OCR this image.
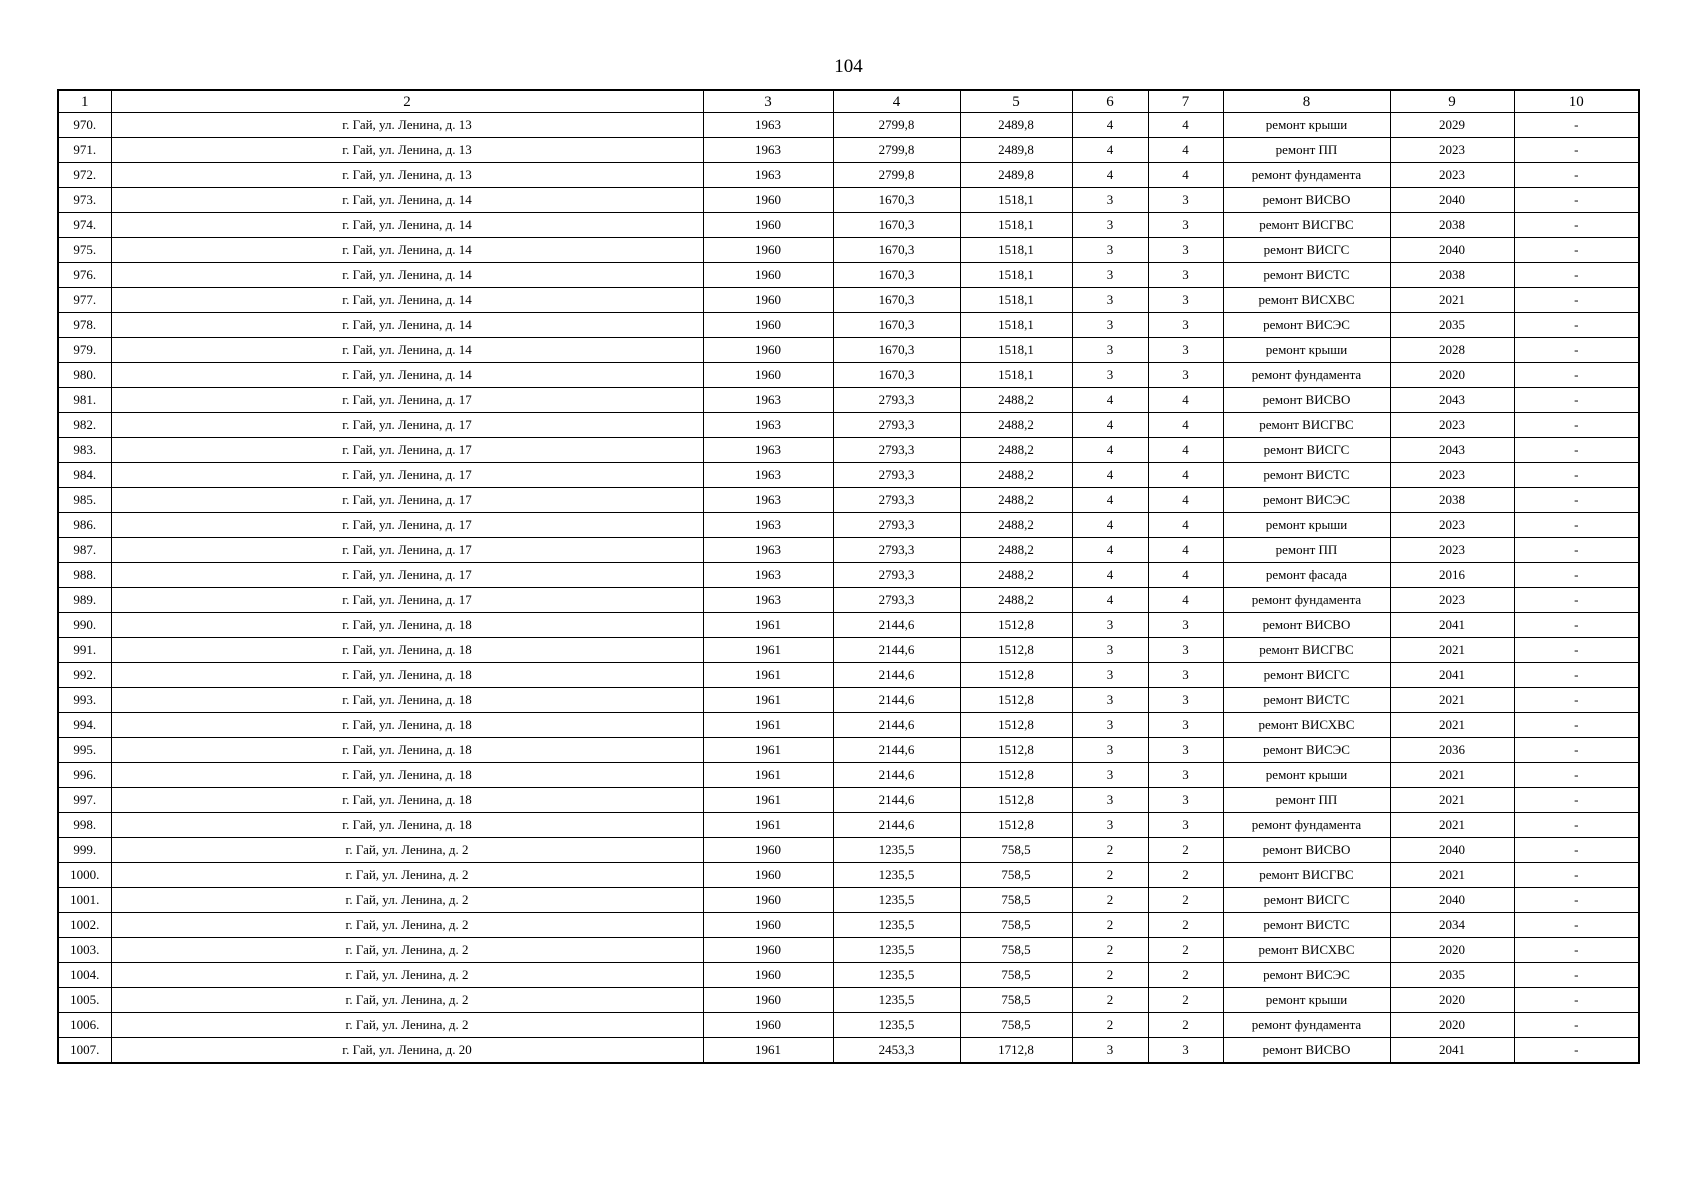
104
1	2	3	4	5	6	7	8	9	10
970.	г. Гай, ул. Ленина, д. 13	1963	2799,8	2489,8	4	4	ремонт крыши	2029	-
971.	г. Гай, ул. Ленина, д. 13	1963	2799,8	2489,8	4	4	ремонт ПП	2023	-
972.	г. Гай, ул. Ленина, д. 13	1963	2799,8	2489,8	4	4	ремонт фундамента	2023	-
973.	г. Гай, ул. Ленина, д. 14	1960	1670,3	1518,1	3	3	ремонт ВИСВО	2040	-
974.	г. Гай, ул. Ленина, д. 14	1960	1670,3	1518,1	3	3	ремонт ВИСГВС	2038	-
975.	г. Гай, ул. Ленина, д. 14	1960	1670,3	1518,1	3	3	ремонт ВИСГС	2040	-
976.	г. Гай, ул. Ленина, д. 14	1960	1670,3	1518,1	3	3	ремонт ВИСТС	2038	-
977.	г. Гай, ул. Ленина, д. 14	1960	1670,3	1518,1	3	3	ремонт ВИСХВС	2021	-
978.	г. Гай, ул. Ленина, д. 14	1960	1670,3	1518,1	3	3	ремонт ВИСЭС	2035	-
979.	г. Гай, ул. Ленина, д. 14	1960	1670,3	1518,1	3	3	ремонт крыши	2028	-
980.	г. Гай, ул. Ленина, д. 14	1960	1670,3	1518,1	3	3	ремонт фундамента	2020	-
981.	г. Гай, ул. Ленина, д. 17	1963	2793,3	2488,2	4	4	ремонт ВИСВО	2043	-
982.	г. Гай, ул. Ленина, д. 17	1963	2793,3	2488,2	4	4	ремонт ВИСГВС	2023	-
983.	г. Гай, ул. Ленина, д. 17	1963	2793,3	2488,2	4	4	ремонт ВИСГС	2043	-
984.	г. Гай, ул. Ленина, д. 17	1963	2793,3	2488,2	4	4	ремонт ВИСТС	2023	-
985.	г. Гай, ул. Ленина, д. 17	1963	2793,3	2488,2	4	4	ремонт ВИСЭС	2038	-
986.	г. Гай, ул. Ленина, д. 17	1963	2793,3	2488,2	4	4	ремонт крыши	2023	-
987.	г. Гай, ул. Ленина, д. 17	1963	2793,3	2488,2	4	4	ремонт ПП	2023	-
988.	г. Гай, ул. Ленина, д. 17	1963	2793,3	2488,2	4	4	ремонт фасада	2016	-
989.	г. Гай, ул. Ленина, д. 17	1963	2793,3	2488,2	4	4	ремонт фундамента	2023	-
990.	г. Гай, ул. Ленина, д. 18	1961	2144,6	1512,8	3	3	ремонт ВИСВО	2041	-
991.	г. Гай, ул. Ленина, д. 18	1961	2144,6	1512,8	3	3	ремонт ВИСГВС	2021	-
992.	г. Гай, ул. Ленина, д. 18	1961	2144,6	1512,8	3	3	ремонт ВИСГС	2041	-
993.	г. Гай, ул. Ленина, д. 18	1961	2144,6	1512,8	3	3	ремонт ВИСТС	2021	-
994.	г. Гай, ул. Ленина, д. 18	1961	2144,6	1512,8	3	3	ремонт ВИСХВС	2021	-
995.	г. Гай, ул. Ленина, д. 18	1961	2144,6	1512,8	3	3	ремонт ВИСЭС	2036	-
996.	г. Гай, ул. Ленина, д. 18	1961	2144,6	1512,8	3	3	ремонт крыши	2021	-
997.	г. Гай, ул. Ленина, д. 18	1961	2144,6	1512,8	3	3	ремонт ПП	2021	-
998.	г. Гай, ул. Ленина, д. 18	1961	2144,6	1512,8	3	3	ремонт фундамента	2021	-
999.	г. Гай, ул. Ленина, д. 2	1960	1235,5	758,5	2	2	ремонт ВИСВО	2040	-
1000.	г. Гай, ул. Ленина, д. 2	1960	1235,5	758,5	2	2	ремонт ВИСГВС	2021	-
1001.	г. Гай, ул. Ленина, д. 2	1960	1235,5	758,5	2	2	ремонт ВИСГС	2040	-
1002.	г. Гай, ул. Ленина, д. 2	1960	1235,5	758,5	2	2	ремонт ВИСТС	2034	-
1003.	г. Гай, ул. Ленина, д. 2	1960	1235,5	758,5	2	2	ремонт ВИСХВС	2020	-
1004.	г. Гай, ул. Ленина, д. 2	1960	1235,5	758,5	2	2	ремонт ВИСЭС	2035	-
1005.	г. Гай, ул. Ленина, д. 2	1960	1235,5	758,5	2	2	ремонт крыши	2020	-
1006.	г. Гай, ул. Ленина, д. 2	1960	1235,5	758,5	2	2	ремонт фундамента	2020	-
1007.	г. Гай, ул. Ленина, д. 20	1961	2453,3	1712,8	3	3	ремонт ВИСВО	2041	-
